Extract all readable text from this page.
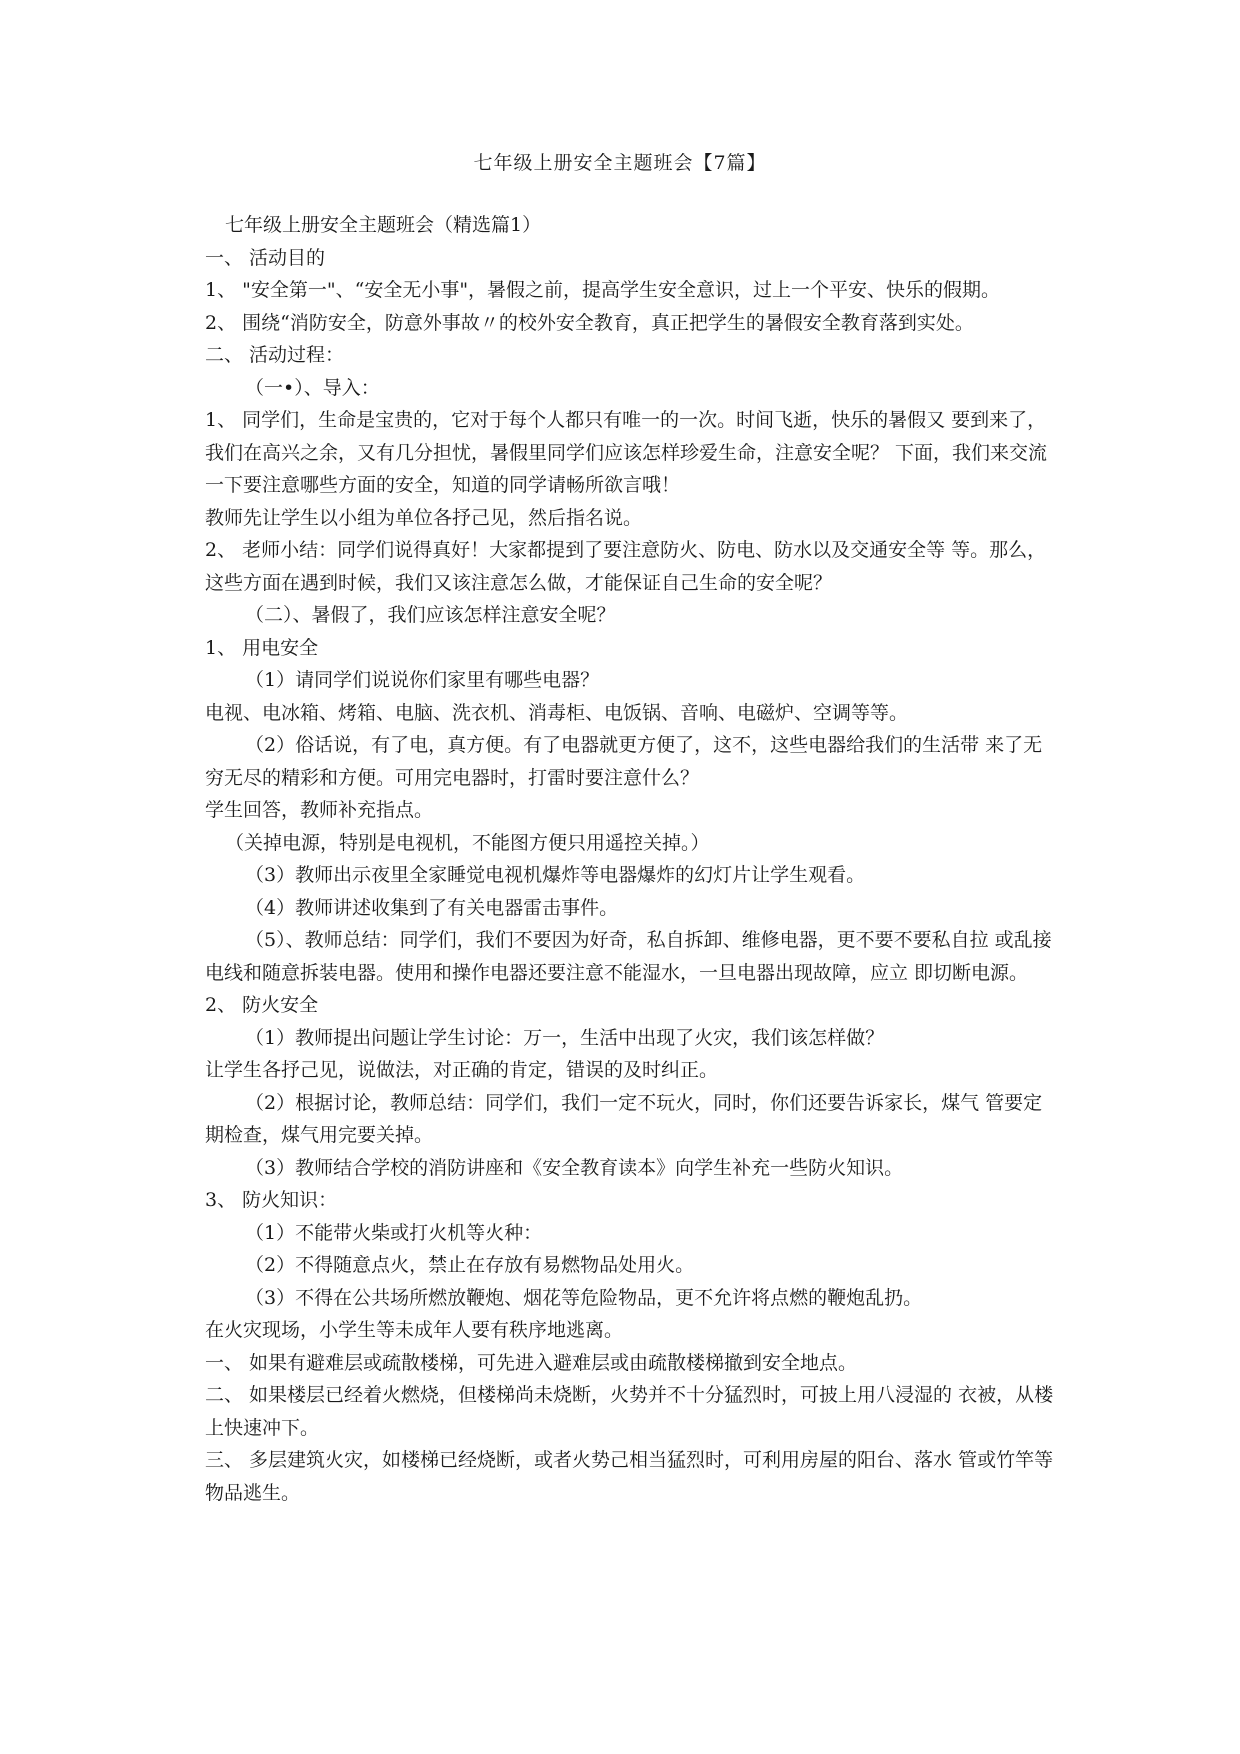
七年级上册安全主题班会【7篇】

七年级上册安全主题班会（精选篇1）

一、 活动目的

1、 "安全第一"、“安全无小事"，暑假之前，提高学生安全意识，过上一个平安、快乐的假期。

2、 围绕“消防安全，防意外事故〃的校外安全教育，真正把学生的暑假安全教育落到实处。

二、 活动过程：

（一•）、导入：

1、 同学们，生命是宝贵的，它对于每个人都只有唯一的一次。时间飞逝，快乐的暑假又 要到来了，我们在高兴之余，又有几分担忧，暑假里同学们应该怎样珍爱生命，注意安全呢？ 下面，我们来交流一下要注意哪些方面的安全，知道的同学请畅所欲言哦！

教师先让学生以小组为单位各抒己见，然后指名说。

2、 老师小结：同学们说得真好！大家都提到了要注意防火、防电、防水以及交通安全等 等。那么，这些方面在遇到时候，我们又该注意怎么做，才能保证自己生命的安全呢？

（二）、暑假了，我们应该怎样注意安全呢？

1、 用电安全

（1）请同学们说说你们家里有哪些电器？

电视、电冰箱、烤箱、电脑、洗衣机、消毒柜、电饭锅、音响、电磁炉、空调等等。

（2）俗话说，有了电，真方便。有了电器就更方便了，这不，这些电器给我们的生活带 来了无穷无尽的精彩和方便。可用完电器时，打雷时要注意什么？

学生回答，教师补充指点。

（关掉电源，特别是电视机，不能图方便只用遥控关掉。）

（3）教师出示夜里全家睡觉电视机爆炸等电器爆炸的幻灯片让学生观看。

（4）教师讲述收集到了有关电器雷击事件。

（5）、教师总结：同学们，我们不要因为好奇，私自拆卸、维修电器，更不要不要私自拉 或乱接电线和随意拆装电器。使用和操作电器还要注意不能湿水，一旦电器出现故障，应立 即切断电源。

2、 防火安全

（1）教师提出问题让学生讨论：万一，生活中出现了火灾，我们该怎样做？

让学生各抒己见，说做法，对正确的肯定，错误的及时纠正。

（2）根据讨论，教师总结：同学们，我们一定不玩火，同时，你们还要告诉家长，煤气 管要定期检查，煤气用完要关掉。

（3）教师结合学校的消防讲座和《安全教育读本》向学生补充一些防火知识。

3、 防火知识：

（1）不能带火柴或打火机等火种：

（2）不得随意点火，禁止在存放有易燃物品处用火。

（3）不得在公共场所燃放鞭炮、烟花等危险物品，更不允许将点燃的鞭炮乱扔。

在火灾现场，小学生等未成年人要有秩序地逃离。

一、 如果有避难层或疏散楼梯，可先进入避难层或由疏散楼梯撤到安全地点。

二、 如果楼层已经着火燃烧，但楼梯尚未烧断，火势并不十分猛烈时，可披上用八浸湿的 衣被，从楼上快速冲下。

三、 多层建筑火灾，如楼梯已经烧断，或者火势己相当猛烈时，可利用房屋的阳台、落水 管或竹竿等物品逃生。
